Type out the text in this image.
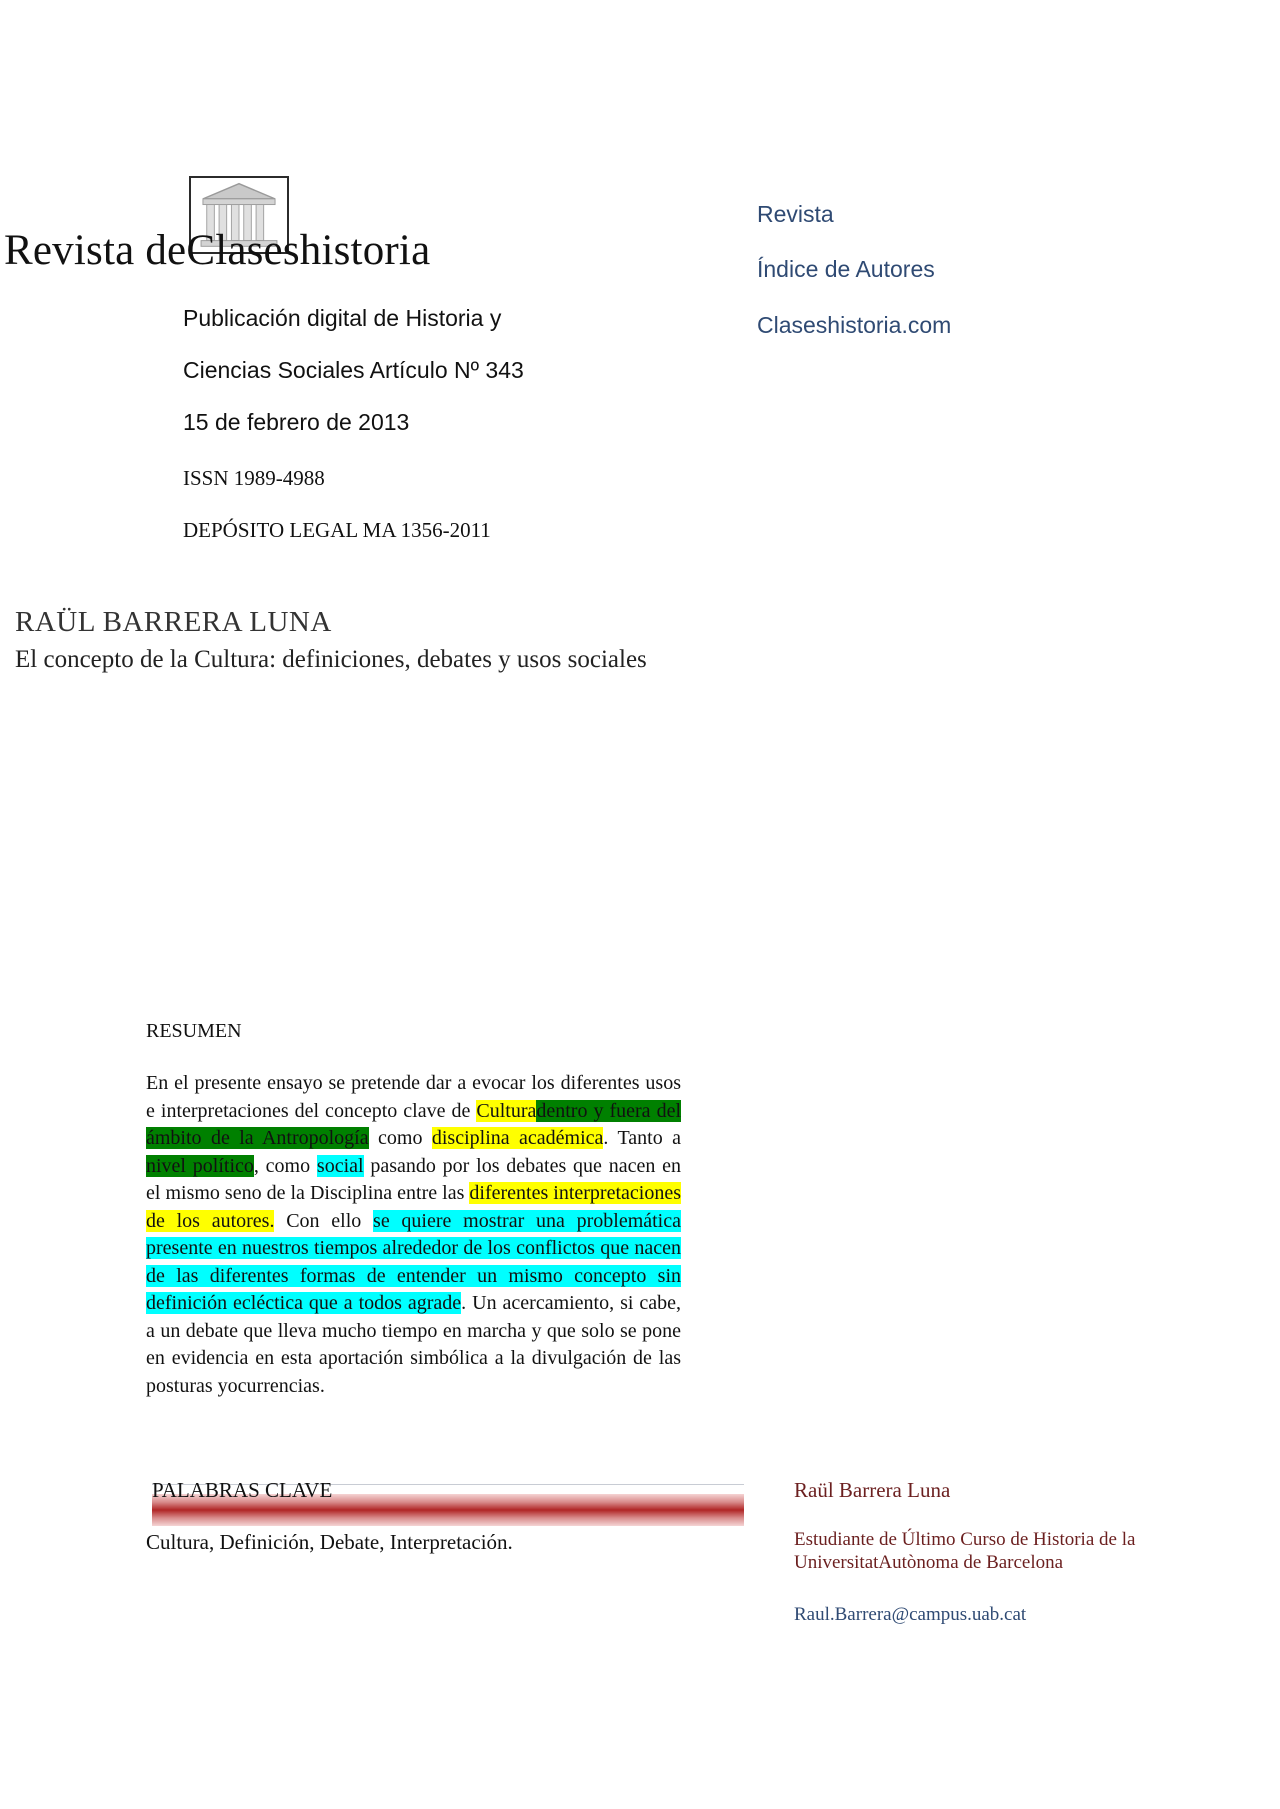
Revista deClaseshistoria
Publicación digital de Historia y
Ciencias Sociales Artículo Nº 343
15 de febrero de 2013
ISSN 1989-4988
DEPÓSITO LEGAL MA 1356-2011
Revista
Índice de Autores
Claseshistoria.com
RAÜL BARRERA LUNA
El concepto de la Cultura: definiciones, debates y usos sociales
RESUMEN
En el presente ensayo se pretende dar a evocar los diferentes usos e interpretaciones del concepto clave de Culturadentro y fuera del ámbito de la Antropología como disciplina académica. Tanto a nivel político, como social pasando por los debates que nacen en el mismo seno de la Disciplina entre las diferentes interpretaciones de los autores. Con ello se quiere mostrar una problemática presente en nuestros tiempos alrededor de los conflictos que nacen de las diferentes formas de entender un mismo concepto sin definición ecléctica que a todos agrade. Un acercamiento, si cabe, a un debate que lleva mucho tiempo en marcha y que solo se pone en evidencia en esta aportación simbólica a la divulgación de las posturas yocurrencias.
PALABRAS CLAVE
Cultura, Definición, Debate, Interpretación.
Raül Barrera Luna
Estudiante de Último Curso de Historia de la UniversitatAutònoma de Barcelona
Raul.Barrera@campus.uab.cat
